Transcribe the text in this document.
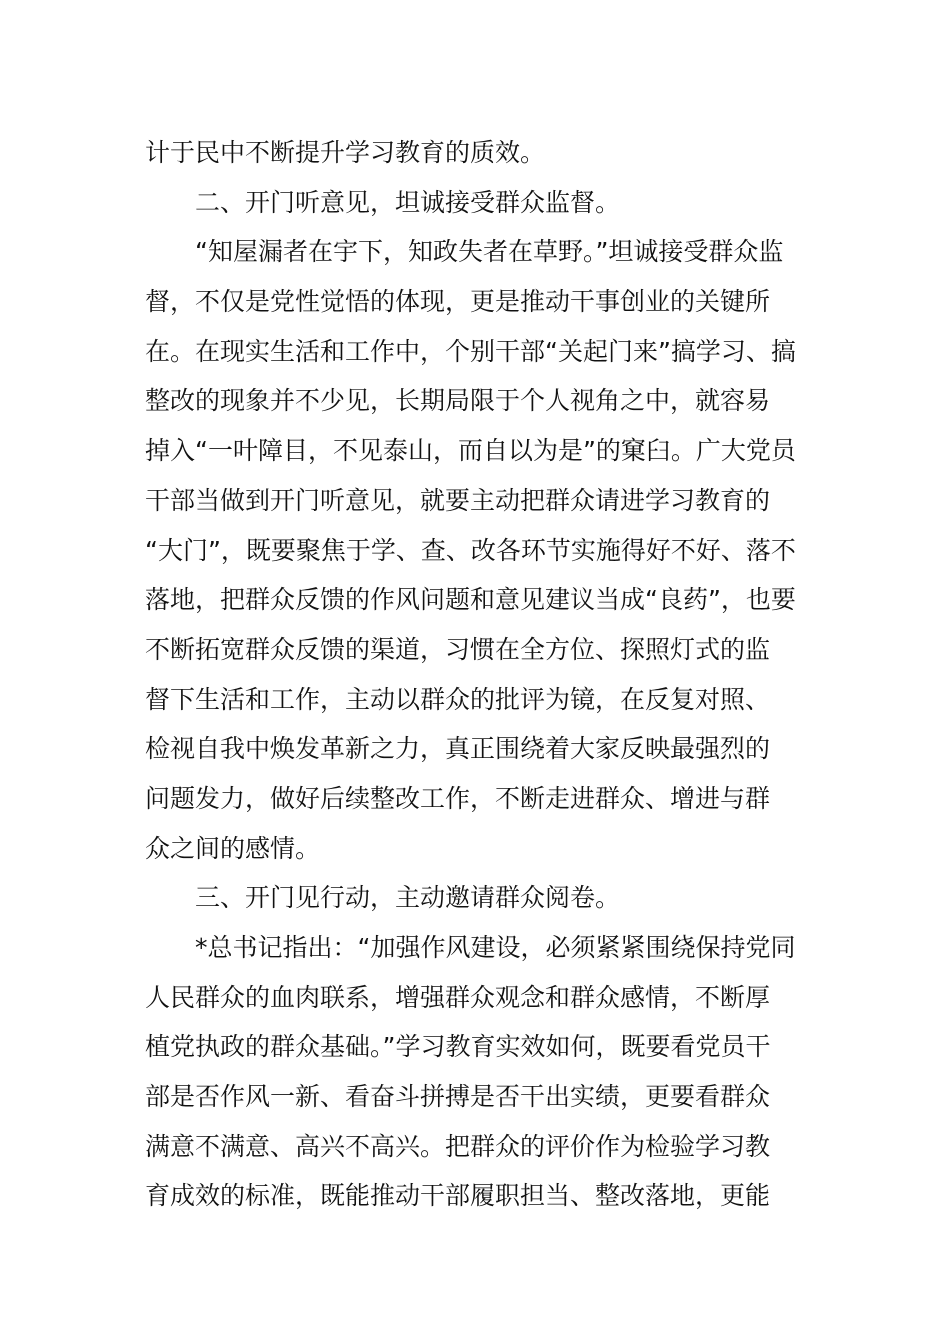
计于民中不断提升学习教育的质效。
二、开门听意见，坦诚接受群众监督。
“知屋漏者在宇下，知政失者在草野。”坦诚接受群众监
督，不仅是党性觉悟的体现，更是推动干事创业的关键所
在。在现实生活和工作中，个别干部“关起门来”搞学习、搞
整改的现象并不少见，长期局限于个人视角之中，就容易
掉入“一叶障目，不见泰山，而自以为是”的窠臼。广大党员
干部当做到开门听意见，就要主动把群众请进学习教育的
“大门”，既要聚焦于学、查、改各环节实施得好不好、落不
落地，把群众反馈的作风问题和意见建议当成“良药”，也要
不断拓宽群众反馈的渠道，习惯在全方位、探照灯式的监
督下生活和工作，主动以群众的批评为镜，在反复对照、
检视自我中焕发革新之力，真正围绕着大家反映最强烈的
问题发力，做好后续整改工作，不断走进群众、增进与群
众之间的感情。
三、开门见行动，主动邀请群众阅卷。
*总书记指出：“加强作风建设，必须紧紧围绕保持党同
人民群众的血肉联系，增强群众观念和群众感情，不断厚
植党执政的群众基础。”学习教育实效如何，既要看党员干
部是否作风一新、看奋斗拼搏是否干出实绩，更要看群众
满意不满意、高兴不高兴。把群众的评价作为检验学习教
育成效的标准，既能推动干部履职担当、整改落地，更能
